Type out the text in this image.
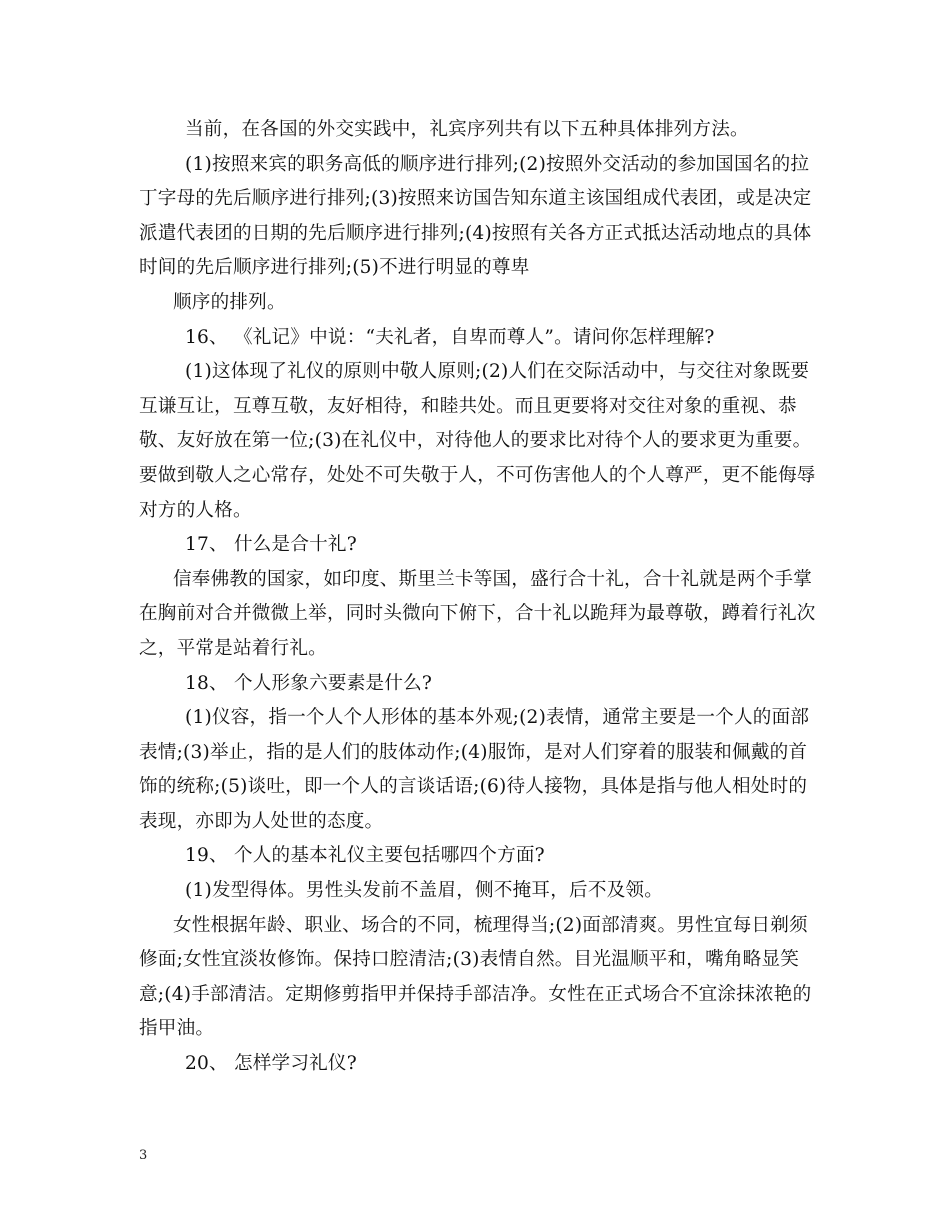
当前，在各国的外交实践中，礼宾序列共有以下五种具体排列方法。

(1)按照来宾的职务高低的顺序进行排列;(2)按照外交活动的参加国国名的拉丁字母的先后顺序进行排列;(3)按照来访国告知东道主该国组成代表团，或是决定派遣代表团的日期的先后顺序进行排列;(4)按照有关各方正式抵达活动地点的具体时间的先后顺序进行排列;(5)不进行明显的尊卑

顺序的排列。

16、 《礼记》中说：“夫礼者，自卑而尊人”。请问你怎样理解?

(1)这体现了礼仪的原则中敬人原则;(2)人们在交际活动中，与交往对象既要互谦互让，互尊互敬，友好相待，和睦共处。而且更要将对交往对象的重视、恭敬、友好放在第一位;(3)在礼仪中，对待他人的要求比对待个人的要求更为重要。要做到敬人之心常存，处处不可失敬于人，不可伤害他人的个人尊严，更不能侮辱对方的人格。

17、 什么是合十礼?

信奉佛教的国家，如印度、斯里兰卡等国，盛行合十礼，合十礼就是两个手掌在胸前对合并微微上举，同时头微向下俯下，合十礼以跪拜为最尊敬，蹲着行礼次之，平常是站着行礼。

18、 个人形象六要素是什么?

(1)仪容，指一个人个人形体的基本外观;(2)表情，通常主要是一个人的面部表情;(3)举止，指的是人们的肢体动作;(4)服饰，是对人们穿着的服装和佩戴的首饰的统称;(5)谈吐，即一个人的言谈话语;(6)待人接物，具体是指与他人相处时的表现，亦即为人处世的态度。

19、 个人的基本礼仪主要包括哪四个方面?

(1)发型得体。男性头发前不盖眉，侧不掩耳，后不及领。

女性根据年龄、职业、场合的不同，梳理得当;(2)面部清爽。男性宜每日剃须修面;女性宜淡妆修饰。保持口腔清洁;(3)表情自然。目光温顺平和，嘴角略显笑意;(4)手部清洁。定期修剪指甲并保持手部洁净。女性在正式场合不宜涂抹浓艳的指甲油。

20、 怎样学习礼仪?

3
